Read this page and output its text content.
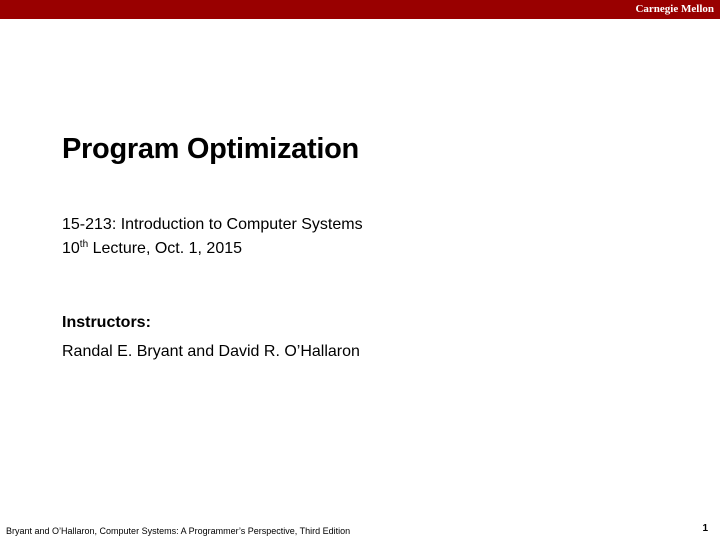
Carnegie Mellon
Program Optimization
15-213: Introduction to Computer Systems
10th Lecture, Oct. 1, 2015
Instructors:
Randal E. Bryant and David R. O’Hallaron
Bryant and O’Hallaron, Computer Systems: A Programmer’s Perspective, Third Edition	1
